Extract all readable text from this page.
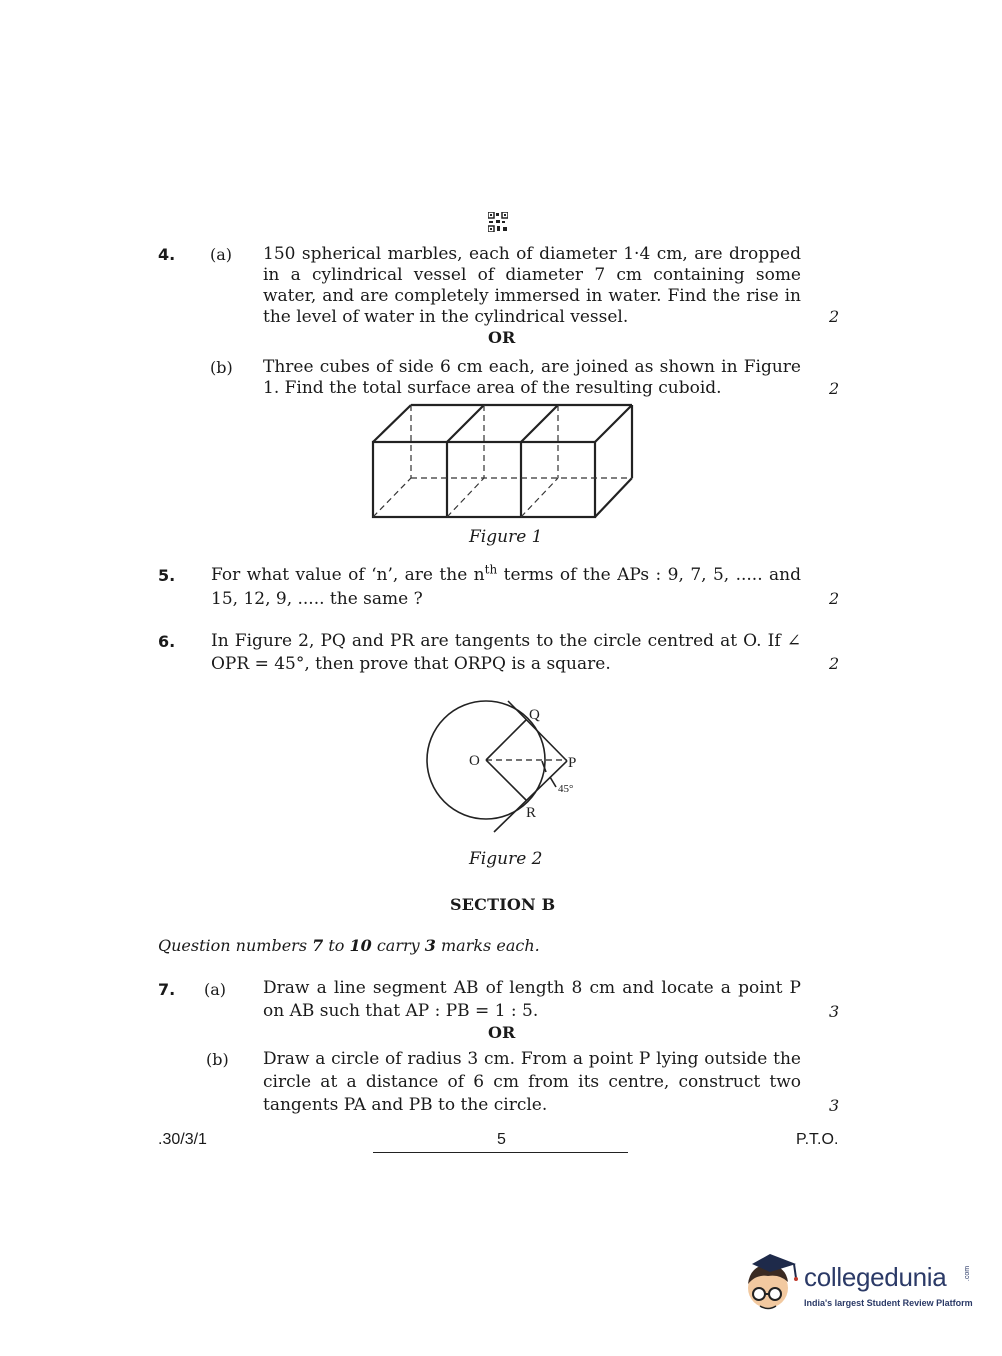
4. (a) 150 spherical marbles, each of diameter 1·4 cm, are dropped in a cylindrical vessel of diameter 7 cm containing some water, and are completely immersed in water. Find the rise in the level of water in the cylindrical vessel.	2
OR
(b) Three cubes of side 6 cm each, are joined as shown in Figure 1. Find the total surface area of the resulting cuboid.	2
Figure 1
5. For what value of ‘n’, are the $n^{th}$ terms of the APs : 9, 7, 5, ..... and 15, 12, 9, ..... the same ?	2
6. In Figure 2, PQ and PR are tangents to the circle centred at O. If ∠ OPR = 45°, then prove that ORPQ is a square.	2
Q
O	P
R
45°
Figure 2
SECTION B
Question numbers 7 to 10 carry 3 marks each.
7. (a) Draw a line segment AB of length 8 cm and locate a point P on AB such that AP : PB = 1 : 5.	3
OR
(b) Draw a circle of radius 3 cm. From a point P lying outside the circle at a distance of 6 cm from its centre, construct two tangents PA and PB to the circle.	3
.30/3/1	5	P.T.O.
collegedunia	.com
India's largest Student Review Platform
